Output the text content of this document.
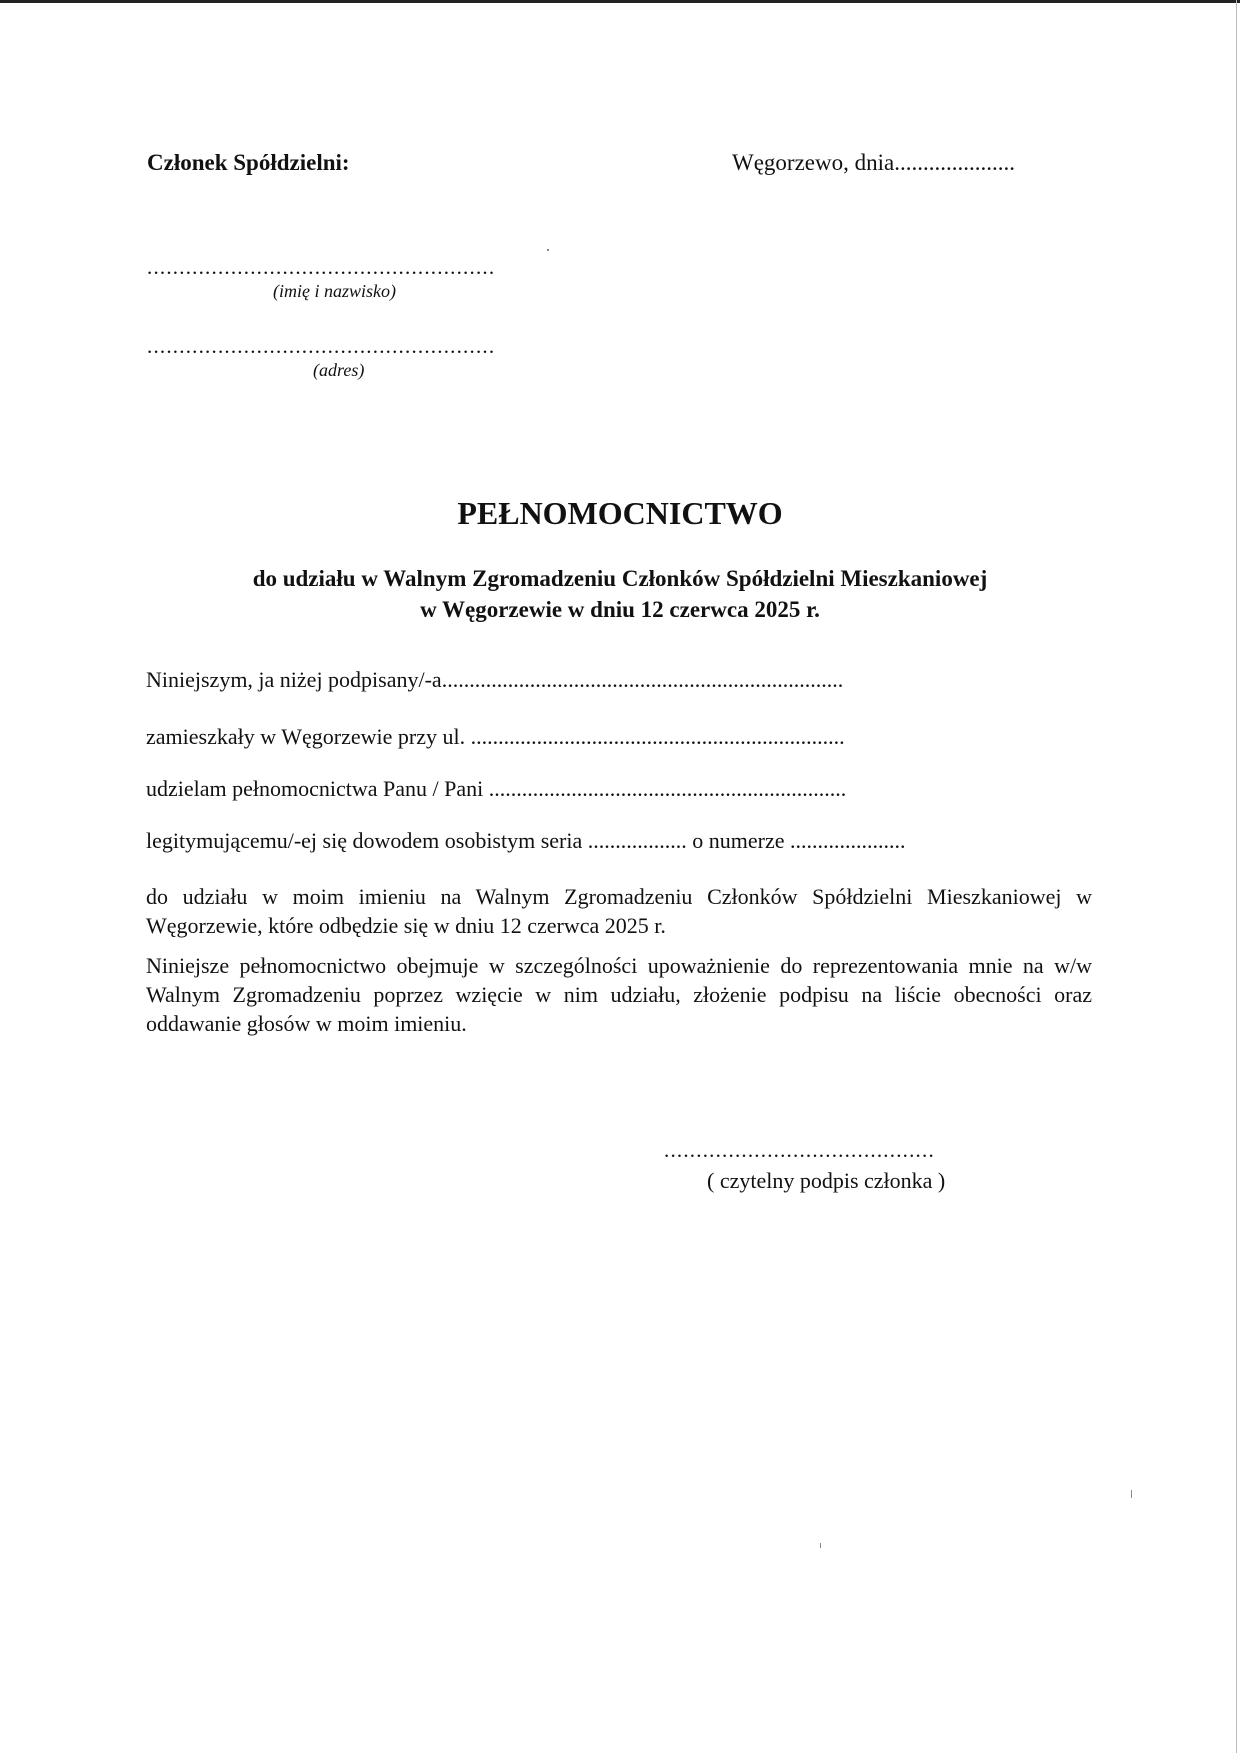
Członek Spółdzielni:	Węgorzewo, dnia.....................
......................................................
(imię i nazwisko)
......................................................
(adres)
PEŁNOMOCNICTWO
do udziału w Walnym Zgromadzeniu Członków Spółdzielni Mieszkaniowej
w Węgorzewie w dniu 12 czerwca 2025 r.
Niniejszym, ja niżej podpisany/-a.........................................................................
zamieszkały w Węgorzewie przy ul. ....................................................................
udzielam pełnomocnictwa Panu / Pani .................................................................
legitymującemu/-ej się dowodem osobistym seria .................. o numerze .....................
do udziału w moim imieniu na Walnym Zgromadzeniu Członków Spółdzielni Mieszkaniowej w Węgorzewie, które odbędzie się w dniu 12 czerwca 2025 r.
Niniejsze pełnomocnictwo obejmuje w szczególności upoważnienie do reprezentowania mnie na w/w Walnym Zgromadzeniu poprzez wzięcie w nim udziału, złożenie podpisu na liście obecności oraz oddawanie głosów w moim imieniu.
..........................................
( czytelny podpis członka )
